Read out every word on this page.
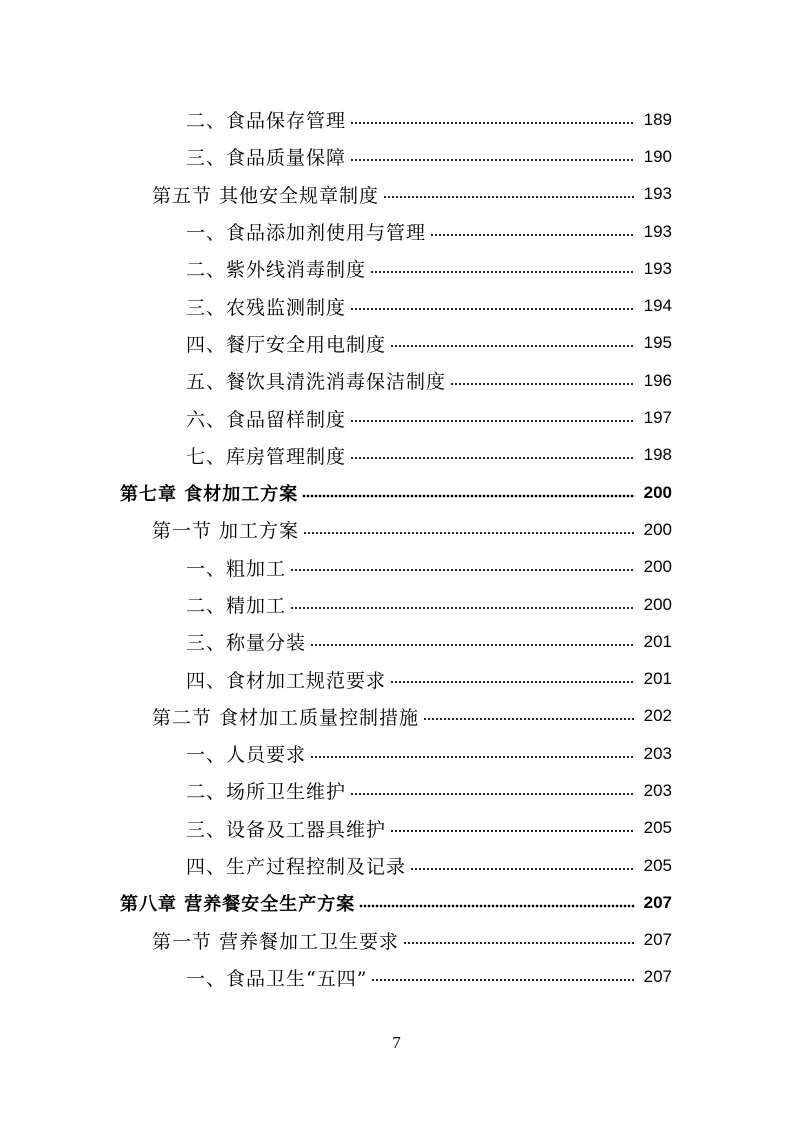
二、食品保存管理	189
三、食品质量保障	190
第五节 其他安全规章制度	193
一、食品添加剂使用与管理	193
二、紫外线消毒制度	193
三、农残监测制度	194
四、餐厅安全用电制度	195
五、餐饮具清洗消毒保洁制度	196
六、食品留样制度	197
七、库房管理制度	198
第七章 食材加工方案	200
第一节 加工方案	200
一、粗加工	200
二、精加工	200
三、称量分装	201
四、食材加工规范要求	201
第二节 食材加工质量控制措施	202
一、人员要求	203
二、场所卫生维护	203
三、设备及工器具维护	205
四、生产过程控制及记录	205
第八章 营养餐安全生产方案	207
第一节 营养餐加工卫生要求	207
一、食品卫生“五四”	207
7
